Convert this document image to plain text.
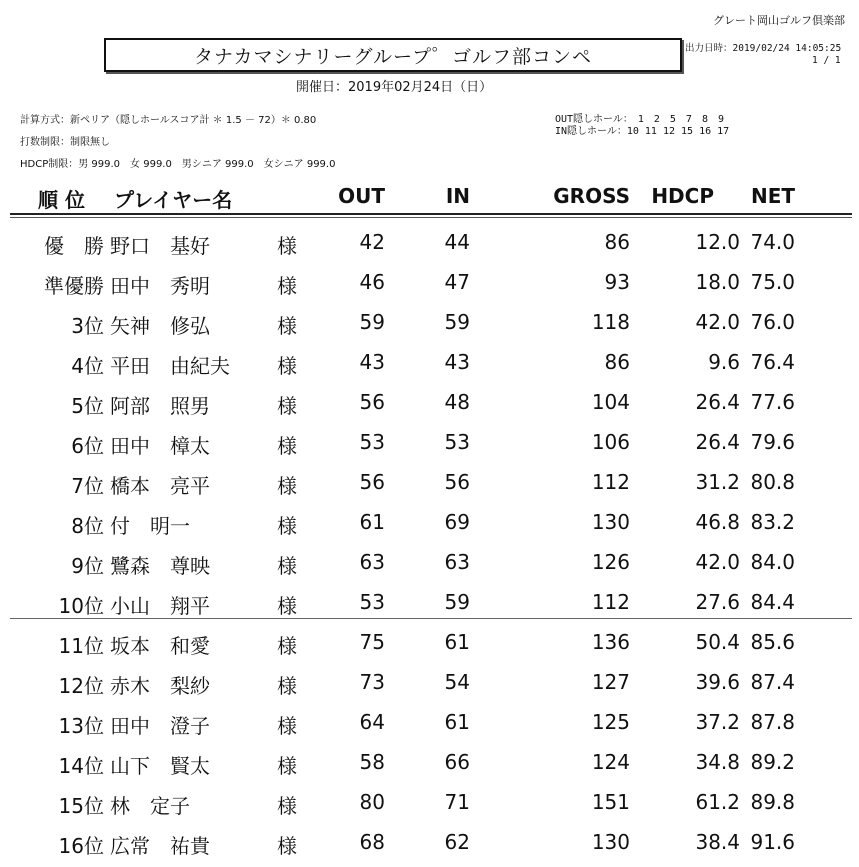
グレート岡山ゴルフ倶楽部
タナカマシナリーグループ゜ゴルフ部コンペ	出力日時：2019/02/24 14:05:25
1 / 1
開催日：2019年02月24日（日）
計算方式：新ペリア（隠しホールスコア計 ＊ 1.5 － 72）＊ 0.80
打数制限：制限無し
HDCP制限：男 999.0　女 999.0　男シニア 999.0　女シニア 999.0
OUT隠しホール：　1　2　5　7　8　9
IN隠しホール：10 11 12 15 16 17
順 位 プレイヤー名	OUT	IN	GROSS HDCP NET
優　勝 野口　基好	様	42	44	86	12.0 74.0
準優勝 田中　秀明	様	46	47	93	18.0 75.0
3位 矢神　修弘	様	59	59	118	42.0 76.0
4位 平田　由紀夫 様	43	43	86	9.6 76.4
5位 阿部　照男	様	56	48	104	26.4 77.6
6位 田中　樟太	様	53	53	106	26.4 79.6
7位 橋本　亮平	様	56	56	112	31.2 80.8
8位 付　明一	様	61	69	130	46.8 83.2
9位 鷺森　尊映	様	63	63	126	42.0 84.0
10位 小山　翔平	様	53	59	112	27.6 84.4
11位 坂本　和愛	様	75	61	136	50.4 85.6
12位 赤木　梨紗	様	73	54	127	39.6 87.4
13位 田中　澄子	様	64	61	125	37.2 87.8
14位 山下　賢太	様	58	66	124	34.8 89.2
15位 林　定子	様	80	71	151	61.2 89.8
16位 広常　祐貴	様	68	62	130	38.4 91.6
